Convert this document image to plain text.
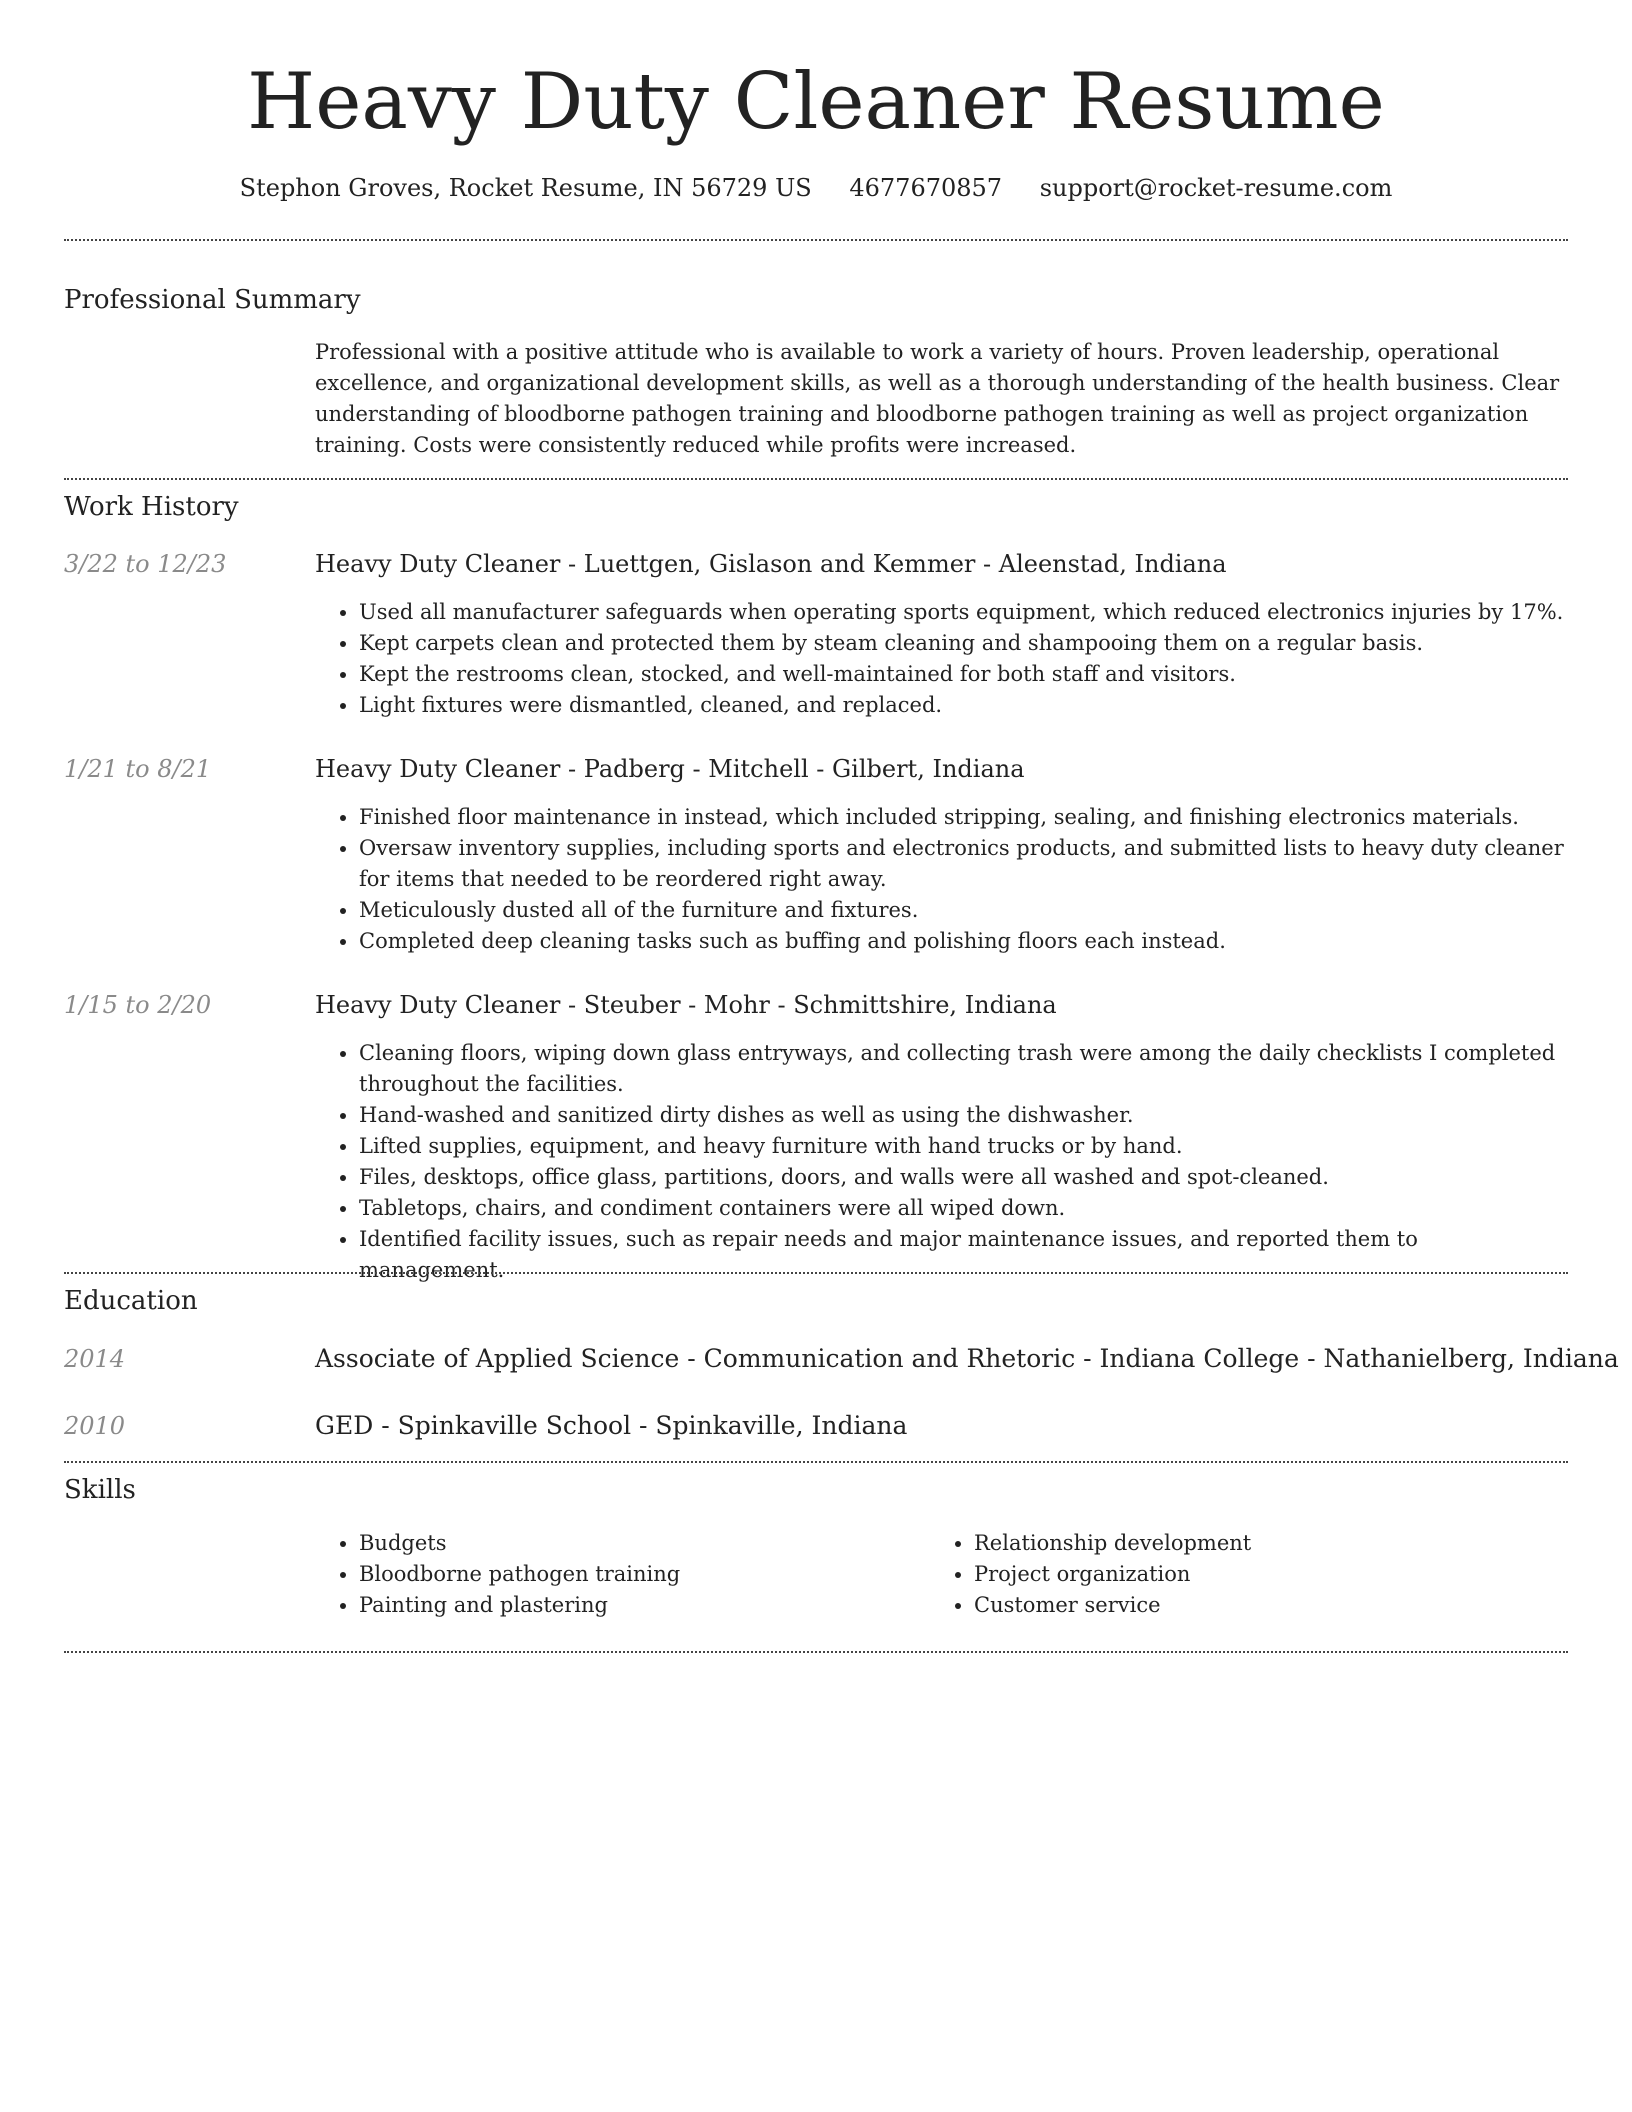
Heavy Duty Cleaner Resume
Stephon Groves, Rocket Resume, IN 56729 US 4677670857 support@rocket-resume.com
Professional Summary
Professional with a positive attitude who is available to work a variety of hours. Proven leadership, operational excellence, and organizational development skills, as well as a thorough understanding of the health business. Clear understanding of bloodborne pathogen training and bloodborne pathogen training as well as project organization training. Costs were consistently reduced while profits were increased.
Work History
3/22 to 12/23	Heavy Duty Cleaner - Luettgen, Gislason and Kemmer - Aleenstad, Indiana
• Used all manufacturer safeguards when operating sports equipment, which reduced electronics injuries by 17%.
• Kept carpets clean and protected them by steam cleaning and shampooing them on a regular basis.
• Kept the restrooms clean, stocked, and well-maintained for both staff and visitors.
• Light fixtures were dismantled, cleaned, and replaced.
1/21 to 8/21	Heavy Duty Cleaner - Padberg - Mitchell - Gilbert, Indiana
• Finished floor maintenance in instead, which included stripping, sealing, and finishing electronics materials.
• Oversaw inventory supplies, including sports and electronics products, and submitted lists to heavy duty cleaner for items that needed to be reordered right away.
• Meticulously dusted all of the furniture and fixtures.
• Completed deep cleaning tasks such as buffing and polishing floors each instead.
1/15 to 2/20	Heavy Duty Cleaner - Steuber - Mohr - Schmittshire, Indiana
• Cleaning floors, wiping down glass entryways, and collecting trash were among the daily checklists I completed throughout the facilities.
• Hand-washed and sanitized dirty dishes as well as using the dishwasher.
• Lifted supplies, equipment, and heavy furniture with hand trucks or by hand.
• Files, desktops, office glass, partitions, doors, and walls were all washed and spot-cleaned.
• Tabletops, chairs, and condiment containers were all wiped down.
• Identified facility issues, such as repair needs and major maintenance issues, and reported them to management.
Education
2014	Associate of Applied Science - Communication and Rhetoric - Indiana College - Nathanielberg, Indiana
2010	GED - Spinkaville School - Spinkaville, Indiana
Skills
• Budgets
• Bloodborne pathogen training
• Painting and plastering
• Relationship development
• Project organization
• Customer service
